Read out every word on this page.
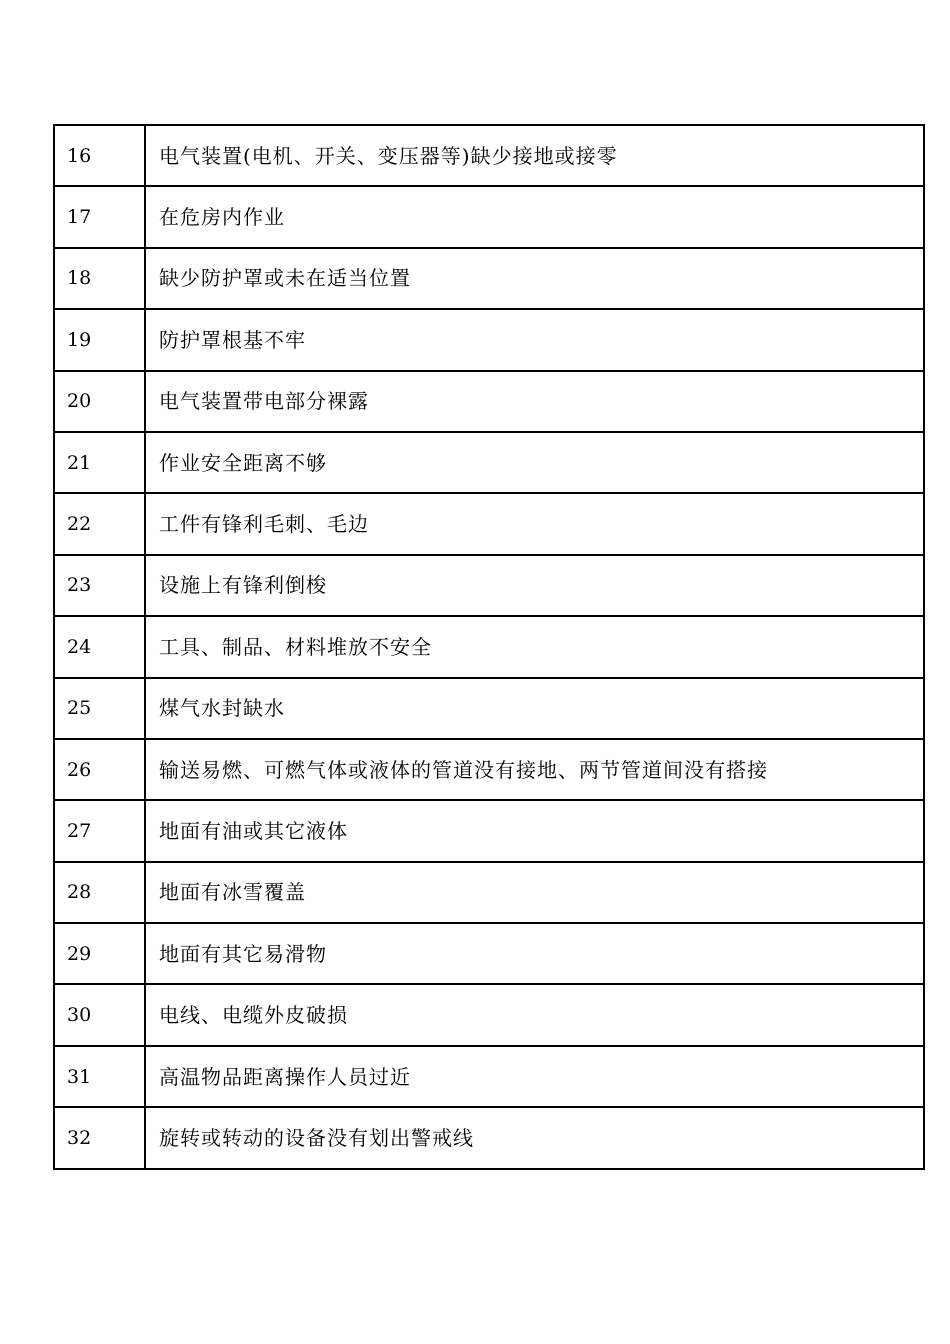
16	电气装置(电机、开关、变压器等)缺少接地或接零
17	在危房内作业
18	缺少防护罩或未在适当位置
19	防护罩根基不牢
20	电气装置带电部分裸露
21	作业安全距离不够
22	工件有锋利毛刺、毛边
23	设施上有锋利倒梭
24	工具、制品、材料堆放不安全
25	煤气水封缺水
26	输送易燃、可燃气体或液体的管道没有接地、两节管道间没有搭接
27	地面有油或其它液体
28	地面有冰雪覆盖
29	地面有其它易滑物
30	电线、电缆外皮破损
31	高温物品距离操作人员过近
32	旋转或转动的设备没有划出警戒线
